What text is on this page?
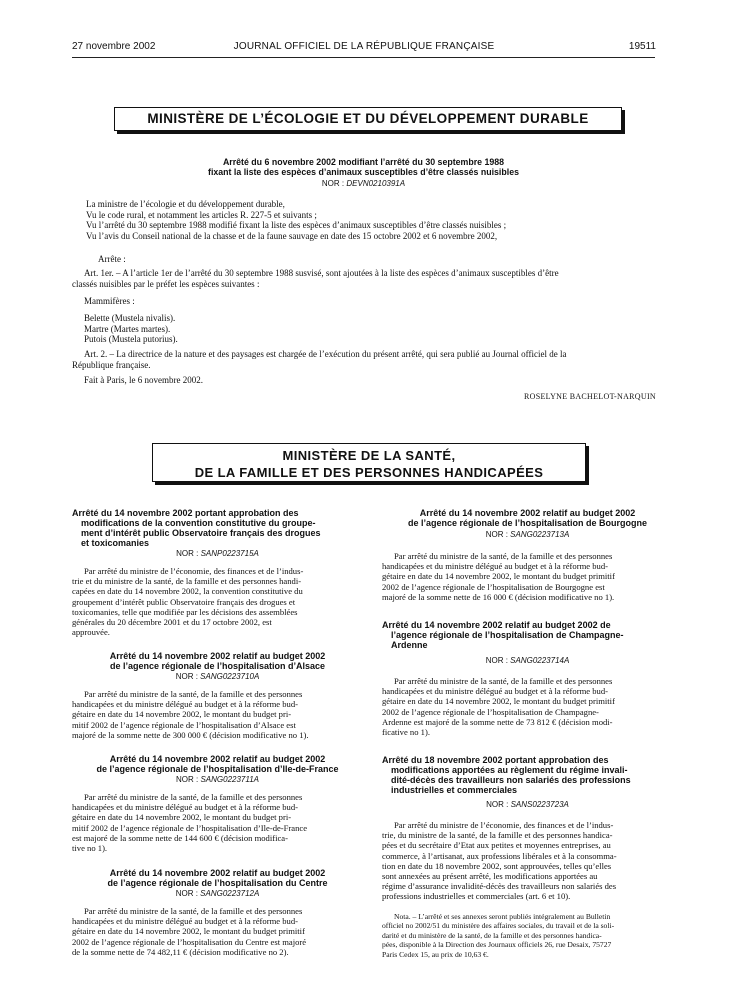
27 novembre 2002	JOURNAL OFFICIEL DE LA RÉPUBLIQUE FRANÇAISE	19511
MINISTÈRE DE L’ÉCOLOGIE ET DU DÉVELOPPEMENT DURABLE
Arrêté du 6 novembre 2002 modifiant l’arrêté du 30 septembre 1988
fixant la liste des espèces d’animaux susceptibles d’être classés nuisibles
NOR : DEVN0210391A
La ministre de l’écologie et du développement durable,
Vu le code rural, et notamment les articles R. 227-5 et suivants ;
Vu l’arrêté du 30 septembre 1988 modifié fixant la liste des espèces d’animaux susceptibles d’être classés nuisibles ;
Vu l’avis du Conseil national de la chasse et de la faune sauvage en date des 15 octobre 2002 et 6 novembre 2002,
Arrête :
Art. 1er. – A l’article 1er de l’arrêté du 30 septembre 1988 susvisé, sont ajoutées à la liste des espèces d’animaux susceptibles d’être
classés nuisibles par le préfet les espèces suivantes :
Mammifères :
Belette (Mustela nivalis).
Martre (Martes martes).
Putois (Mustela putorius).
Art. 2. – La directrice de la nature et des paysages est chargée de l’exécution du présent arrêté, qui sera publié au Journal officiel de la
République française.
Fait à Paris, le 6 novembre 2002.
ROSELYNE BACHELOT-NARQUIN
MINISTÈRE DE LA SANTÉ,
DE LA FAMILLE ET DES PERSONNES HANDICAPÉES
Arrêté du 14 novembre 2002 portant approbation des
modifications de la convention constitutive du groupe-
ment d’intérêt public Observatoire français des drogues
et toxicomanies
NOR : SANP0223715A
Par arrêté du ministre de l’économie, des finances et de l’indus-
trie et du ministre de la santé, de la famille et des personnes handi-
capées en date du 14 novembre 2002, la convention constitutive du
groupement d’intérêt public Observatoire français des drogues et
toxicomanies, telle que modifiée par les décisions des assemblées
générales du 20 décembre 2001 et du 17 octobre 2002, est
approuvée.
Arrêté du 14 novembre 2002 relatif au budget 2002
de l’agence régionale de l’hospitalisation d’Alsace
NOR : SANG0223710A
Par arrêté du ministre de la santé, de la famille et des personnes
handicapées et du ministre délégué au budget et à la réforme bud-
gétaire en date du 14 novembre 2002, le montant du budget pri-
mitif 2002 de l’agence régionale de l’hospitalisation d’Alsace est
majoré de la somme nette de 300 000 € (décision modificative no 1).
Arrêté du 14 novembre 2002 relatif au budget 2002
de l’agence régionale de l’hospitalisation d’Ile-de-France
NOR : SANG0223711A
Par arrêté du ministre de la santé, de la famille et des personnes
handicapées et du ministre délégué au budget et à la réforme bud-
gétaire en date du 14 novembre 2002, le montant du budget pri-
mitif 2002 de l’agence régionale de l’hospitalisation d’Ile-de-France
est majoré de la somme nette de 144 600 € (décision modifica-
tive no 1).
Arrêté du 14 novembre 2002 relatif au budget 2002
de l’agence régionale de l’hospitalisation du Centre
NOR : SANG0223712A
Par arrêté du ministre de la santé, de la famille et des personnes
handicapées et du ministre délégué au budget et à la réforme bud-
gétaire en date du 14 novembre 2002, le montant du budget primitif
2002 de l’agence régionale de l’hospitalisation du Centre est majoré
de la somme nette de 74 482,11 € (décision modificative no 2).
Arrêté du 14 novembre 2002 relatif au budget 2002
de l’agence régionale de l’hospitalisation de Bourgogne
NOR : SANG0223713A
Par arrêté du ministre de la santé, de la famille et des personnes
handicapées et du ministre délégué au budget et à la réforme bud-
gétaire en date du 14 novembre 2002, le montant du budget primitif
2002 de l’agence régionale de l’hospitalisation de Bourgogne est
majoré de la somme nette de 16 000 € (décision modificative no 1).
Arrêté du 14 novembre 2002 relatif au budget 2002 de
l’agence régionale de l’hospitalisation de Champagne-
Ardenne
NOR : SANG0223714A
Par arrêté du ministre de la santé, de la famille et des personnes
handicapées et du ministre délégué au budget et à la réforme bud-
gétaire en date du 14 novembre 2002, le montant du budget primitif
2002 de l’agence régionale de l’hospitalisation de Champagne-
Ardenne est majoré de la somme nette de 73 812 € (décision modi-
ficative no 1).
Arrêté du 18 novembre 2002 portant approbation des
modifications apportées au règlement du régime invali-
dité-décès des travailleurs non salariés des professions
industrielles et commerciales
NOR : SANS0223723A
Par arrêté du ministre de l’économie, des finances et de l’indus-
trie, du ministre de la santé, de la famille et des personnes handica-
pées et du secrétaire d’Etat aux petites et moyennes entreprises, au
commerce, à l’artisanat, aux professions libérales et à la consomma-
tion en date du 18 novembre 2002, sont approuvées, telles qu’elles
sont annexées au présent arrêté, les modifications apportées au
régime d’assurance invalidité-décès des travailleurs non salariés des
professions industrielles et commerciales (art. 6 et 10).
Nota. – L’arrêté et ses annexes seront publiés intégralement au Bulletin
officiel no 2002/51 du ministère des affaires sociales, du travail et de la soli-
darité et du ministère de la santé, de la famille et des personnes handica-
pées, disponible à la Direction des Journaux officiels 26, rue Desaix, 75727
Paris Cedex 15, au prix de 10,63 €.
